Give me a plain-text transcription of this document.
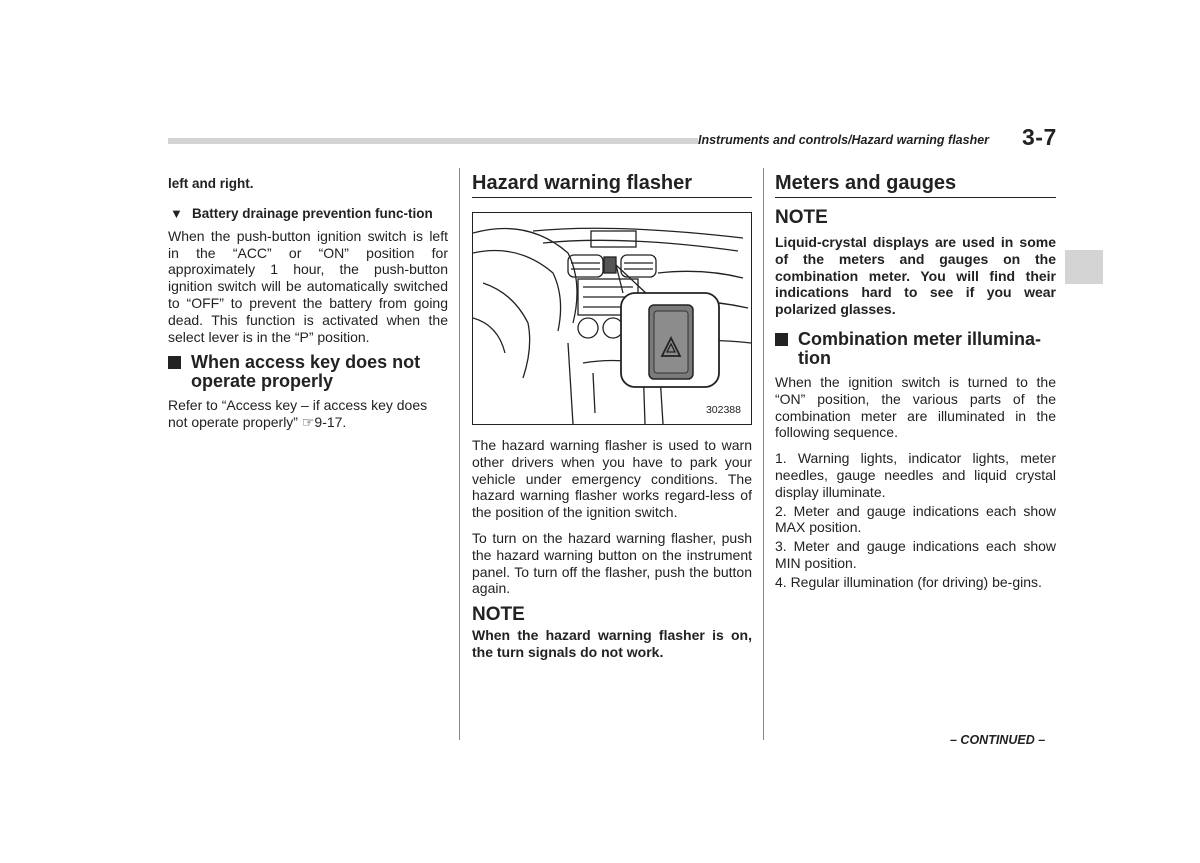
Instruments and controls/Hazard warning flasher 3-7

left and right.

▼ Battery drainage prevention func-tion

When the push-button ignition switch is left in the “ACC” or “ON” position for approximately 1 hour, the push-button ignition switch will be automatically switched to “OFF” to prevent the battery from going dead. This function is activated when the select lever is in the “P” position.

When access key does not operate properly

Refer to “Access key – if access key does not operate properly” ☞9-17.

Hazard warning flasher
302388

The hazard warning flasher is used to warn other drivers when you have to park your vehicle under emergency conditions. The hazard warning flasher works regard-less of the position of the ignition switch.

To turn on the hazard warning flasher, push the hazard warning button on the instrument panel. To turn off the flasher, push the button again.

NOTE

When the hazard warning flasher is on, the turn signals do not work.

Meters and gauges
NOTE

Liquid-crystal displays are used in some of the meters and gauges on the combination meter. You will find their indications hard to see if you wear polarized glasses.

Combination meter illumina-tion

When the ignition switch is turned to the “ON” position, the various parts of the combination meter are illuminated in the following sequence.

1. Warning lights, indicator lights, meter needles, gauge needles and liquid crystal display illuminate.

2. Meter and gauge indications each show MAX position.

3. Meter and gauge indications each show MIN position.

4. Regular illumination (for driving) be-gins.

– CONTINUED –
